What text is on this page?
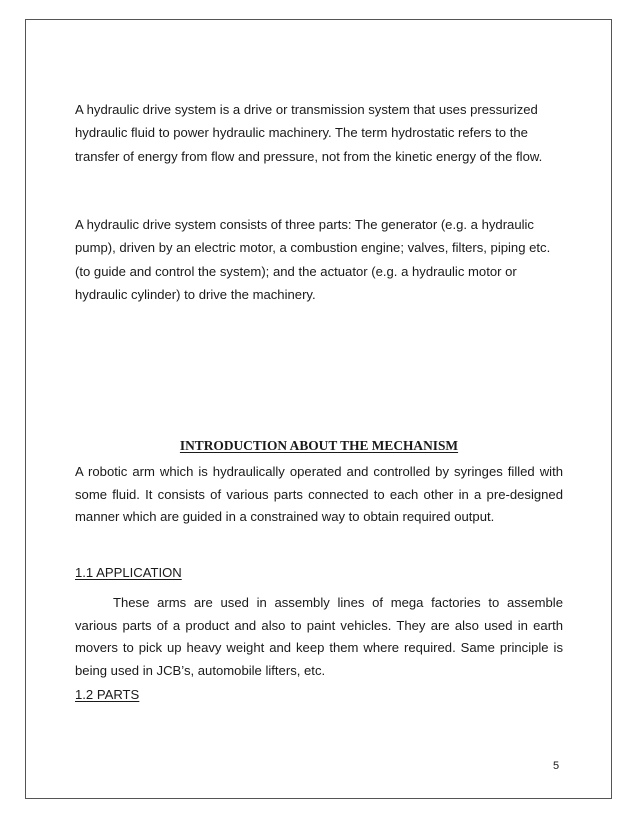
A hydraulic drive system is a drive or transmission system that uses pressurized hydraulic fluid to power hydraulic machinery. The term hydrostatic refers to the transfer of energy from flow and pressure, not from the kinetic energy of the flow.

A hydraulic drive system consists of three parts: The generator (e.g. a hydraulic pump), driven by an electric motor, a combustion engine; valves, filters, piping etc. (to guide and control the system); and the actuator (e.g. a hydraulic motor or hydraulic cylinder) to drive the machinery.

INTRODUCTION ABOUT THE MECHANISM

A robotic arm which is hydraulically operated and controlled by syringes filled with some fluid. It consists of various parts connected to each other in a pre-designed manner which are guided in a constrained way to obtain required output.

1.1 APPLICATION

These arms are used in assembly lines of mega factories to assemble various parts of a product and also to paint vehicles. They are also used in earth movers to pick up heavy weight and keep them where required. Same principle is being used in JCB’s, automobile lifters, etc.

1.2 PARTS
5
